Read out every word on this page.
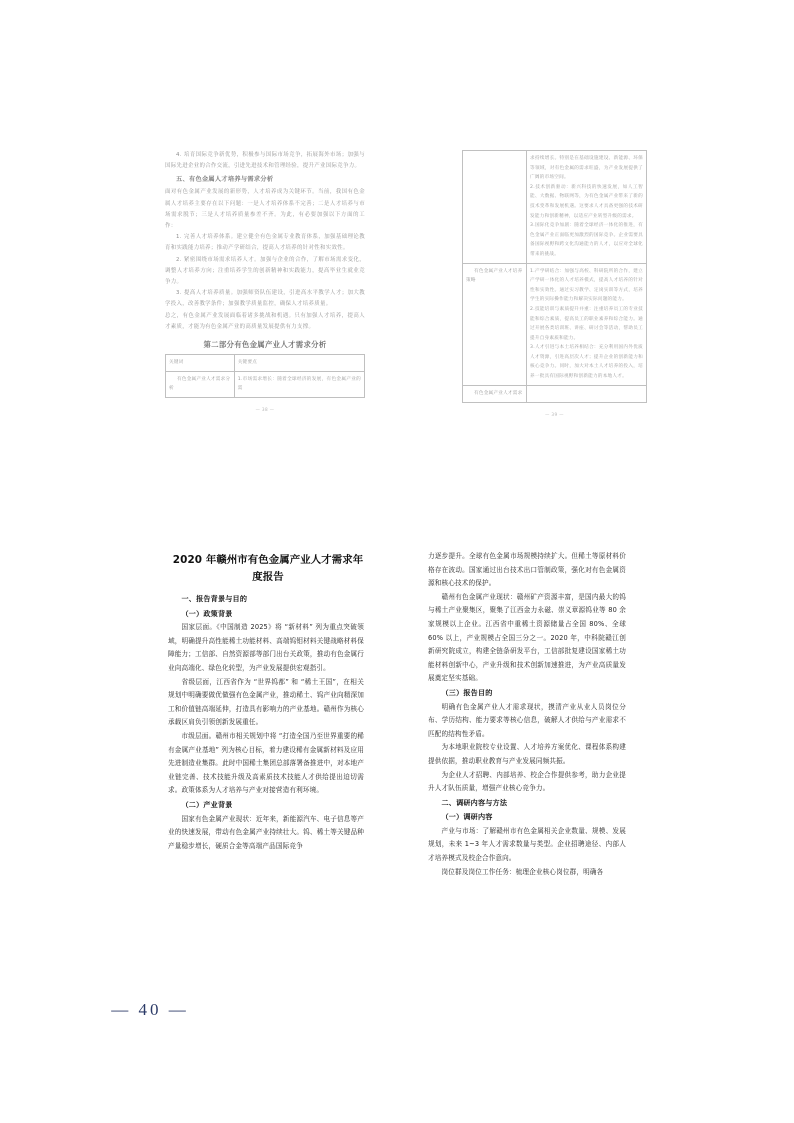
4. 培育国际竞争新优势，积极参与国际市场竞争，拓展海外市场；加强与国际先进企业的合作交流，引进先进技术和管理经验，提升产业国际竞争力。

五、有色金属人才培养与需求分析

面对有色金属产业发展的新形势，人才培养成为关键环节。当前，我国有色金属人才培养主要存在以下问题：一是人才培养体系不完善；二是人才培养与市场需求脱节；三是人才培养质量参差不齐。为此，有必要加强以下方面的工作：

1. 完善人才培养体系。建立健全有色金属专业教育体系，加强基础理论教育和实践能力培养；推动产学研结合，提高人才培养的针对性和实效性。

2. 紧密围绕市场需求培养人才。加强与企业的合作，了解市场需求变化，调整人才培养方向；注重培养学生的创新精神和实践能力，提高毕业生就业竞争力。

3. 提高人才培养质量。加强师资队伍建设，引进高水平教学人才；加大教学投入，改善教学条件；加强教学质量监控，确保人才培养质量。

总之，有色金属产业发展面临着诸多挑战和机遇。只有加强人才培养，提高人才素质，才能为有色金属产业的高质量发展提供有力支撑。

第二部分有色金属产业人才需求分析
关键词	关键要点

有色金属产业人才需求分析	1.市场需求增长：随着全球经济的发展，有色金属产业的需
— 38 —

	求持续增长。特别是在基础设施建设、新能源、环保等领域，对有色金属的需求旺盛，为产业发展提供了广阔的市场空间。
2.技术创新驱动：新兴科技的快速发展，如人工智能、大数据、物联网等，为有色金属产业带来了新的技术变革和发展机遇。这要求人才具备更强的技术研发能力和创新精神，以适应产业转型升级的需求。
3.国际化竞争加剧：随着全球经济一体化的推进，有色金属产业正面临更加激烈的国际竞争。企业需要具备国际视野和跨文化沟通能力的人才，以应对全球化带来的挑战。

有色金属产业人才培养策略	1.产学研结合：加强与高校、科研院所的合作，建立产学研一体化的人才培养模式，提高人才培养的针对性和实效性。通过实习教学、定岗实训等方式，培养学生的实际操作能力和解决实际问题的能力。
2.技能培训与素质提升并重：注重培养员工的专业技能和综合素质，提高员工的职业素养和综合能力。通过开展各类培训班、讲座、研讨会等活动，帮助员工提升自身素质和能力。
3.人才引进与本土培养相结合：充分利用国内外优质人才资源，引进高层次人才；提升企业的创新能力和核心竞争力。同时，加大对本土人才培养的投入，培养一批具有国际视野和创新能力的本地人才。

有色金属产业人才需求	

— 39 —
2020 年赣州市有色金属产业人才需求年度报告
一、报告背景与目的
（一）政策背景

国家层面。《中国制造 2025》将 “新材料” 列为重点突破领域，明确提升高性能稀土功能材料、高端钨钼材料关键战略材料保障能力；工信部、自然资源部等部门出台关政策，推动有色金属行业向高端化、绿色化转型，为产业发展提供宏观指引。

省级层面，江西省作为 “世界钨都” 和 “稀土王国”，在相关规划中明确要做优做强有色金属产业，推动稀土、钨产业向精深加工和价值链高端延伸，打造具有影响力的产业基地。赣州作为核心承载区肩负引领创新发展重任。

市级层面。赣州市相关规划中将 “打造全国乃至世界重要的稀有金属产业基地” 列为核心目标，着力建设稀有金属新材料及应用先进制造业集群。此时中国稀土集团总部落署备推进中，对本地产业链完善、技术技能升级及高素质技术技能人才供给提出迫切需求。政策体系为人才培养与产业对接营造有利环境。

（二）产业背景

国家有色金属产业现状：近年来，新能源汽车、电子信息等产业的快速发展，带动有色金属产业持续壮大。钨、稀土等关键品种产量稳步增长，硬质合金等高端产品国际竞争

力逐步提升。全球有色金属市场规模持续扩大。但稀土等原材料价格存在波动。国家通过出台技术出口管制政策，强化对有色金属资源和核心技术的保护。

赣州有色金属产业现状：赣州矿产资源丰富，是国内最大的钨与稀土产业聚集区，聚集了江西金力永磁、崇义章源钨业等 80 余家规模以上企业。江西省中重稀土资源储量占全国 80%、全球 60% 以上，产业规模占全国三分之一。2020 年，中科院赣江创新研究院成立，构建全链条研发平台，工信部批复建设国家稀土功能材料创新中心，产业升级和技术创新加速推进，为产业高质量发展奠定坚实基础。

（三）报告目的

明确有色金属产业人才需求现状，摸清产业从业人员岗位分布、学历结构、能力要求等核心信息，破解人才供给与产业需求不匹配的结构性矛盾。

为本地职业院校专业设置、人才培养方案优化、课程体系构建提供依据，推动职业教育与产业发展同频共振。

为企业人才招聘、内部培养、校企合作提供参考，助力企业提升人才队伍质量，增强产业核心竞争力。

二、调研内容与方法
（一）调研内容

产业与市场：了解赣州市有色金属相关企业数量、规模、发展规划，未来 1~3 年人才需求数量与类型。企业招聘途径、内部人才培养模式及校企合作意向。

岗位群及岗位工作任务：梳理企业核心岗位群，明确各

— 40 —
